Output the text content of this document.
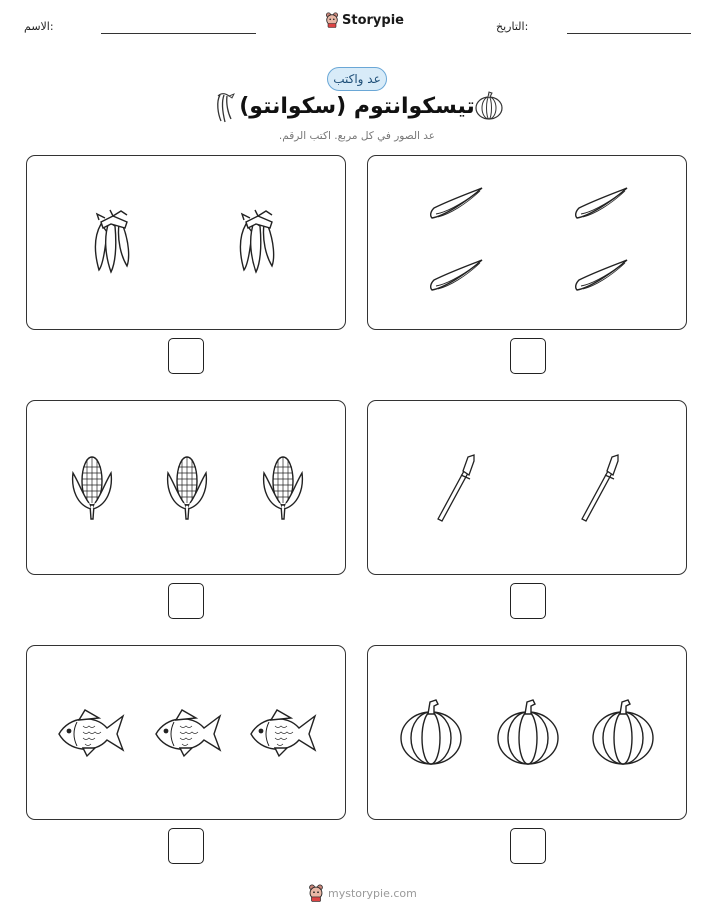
الاسم:	Storypie	التاريخ:
عد واكتب
تيسكوانتوم (سكوانتو)
عد الصور في كل مربع. اكتب الرقم.
mystorypie.com
